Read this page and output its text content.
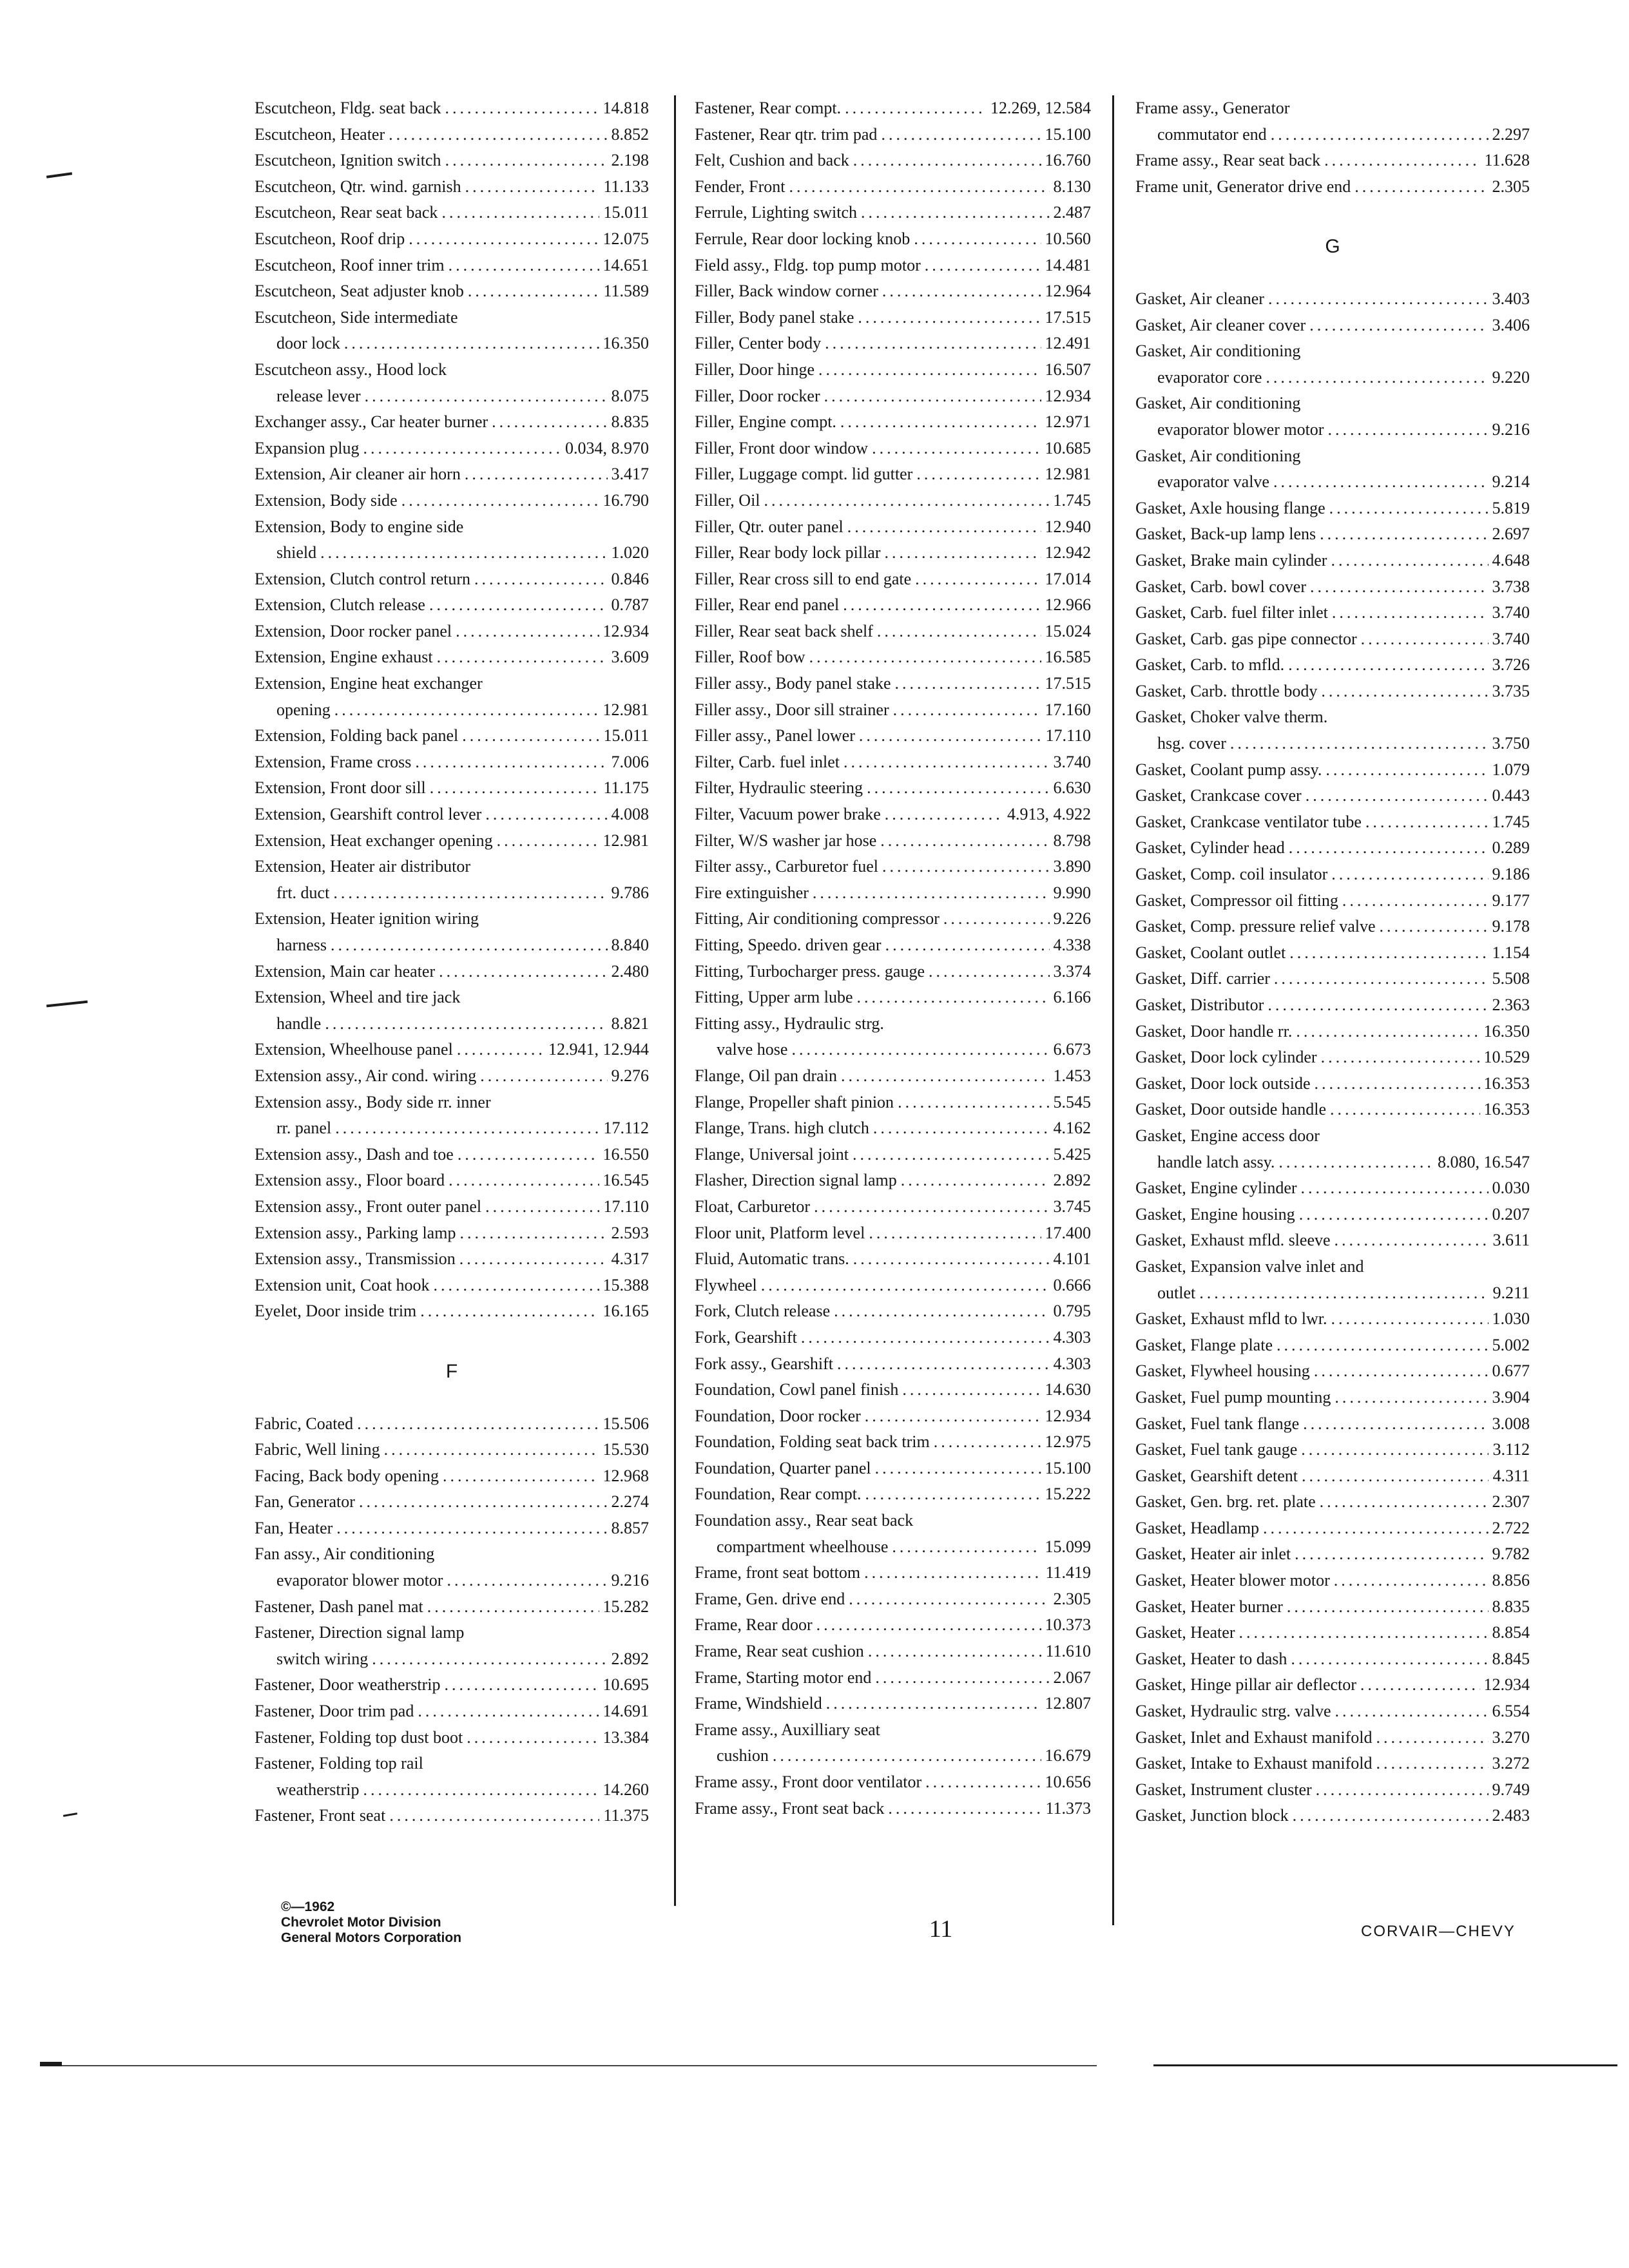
Escutcheon, Fldg. seat back .....	14.818
Escutcheon, Heater .....	8.852
Escutcheon, Ignition switch .....	2.198
Escutcheon, Qtr. wind. garnish .....	11.133
Escutcheon, Rear seat back .....	15.011
Escutcheon, Roof drip .....	12.075
Escutcheon, Roof inner trim .....	14.651
Escutcheon, Seat adjuster knob .....	11.589
Escutcheon, Side intermediate
door lock .....	16.350
Escutcheon assy., Hood lock
release lever .....	8.075
Exchanger assy., Car heater burner .....	8.835
Expansion plug .....	0.034, 8.970
Extension, Air cleaner air horn .....	3.417
Extension, Body side .....	16.790
Extension, Body to engine side
shield .....	1.020
Extension, Clutch control return .....	0.846
Extension, Clutch release .....	0.787
Extension, Door rocker panel .....	12.934
Extension, Engine exhaust .....	3.609
Extension, Engine heat exchanger
opening .....	12.981
Extension, Folding back panel .....	15.011
Extension, Frame cross .....	7.006
Extension, Front door sill .....	11.175
Extension, Gearshift control lever .....	4.008
Extension, Heat exchanger opening .....	12.981
Extension, Heater air distributor
frt. duct .....	9.786
Extension, Heater ignition wiring
harness .....	8.840
Extension, Main car heater .....	2.480
Extension, Wheel and tire jack
handle .....	8.821
Extension, Wheelhouse panel .....	12.941, 12.944
Extension assy., Air cond. wiring .....	9.276
Extension assy., Body side rr. inner
rr. panel .....	17.112
Extension assy., Dash and toe .....	16.550
Extension assy., Floor board .....	16.545
Extension assy., Front outer panel .....	17.110
Extension assy., Parking lamp .....	2.593
Extension assy., Transmission .....	4.317
Extension unit, Coat hook .....	15.388
Eyelet, Door inside trim .....	16.165
F
Fabric, Coated .....	15.506
Fabric, Well lining .....	15.530
Facing, Back body opening .....	12.968
Fan, Generator .....	2.274
Fan, Heater .....	8.857
Fan assy., Air conditioning
evaporator blower motor .....	9.216
Fastener, Dash panel mat .....	15.282
Fastener, Direction signal lamp
switch wiring .....	2.892
Fastener, Door weatherstrip .....	10.695
Fastener, Door trim pad .....	14.691
Fastener, Folding top dust boot .....	13.384
Fastener, Folding top rail
weatherstrip .....	14.260
Fastener, Front seat .....	11.375
Fastener, Rear compt. .....	12.269, 12.584
Fastener, Rear qtr. trim pad .....	15.100
Felt, Cushion and back .....	16.760
Fender, Front .....	8.130
Ferrule, Lighting switch .....	2.487
Ferrule, Rear door locking knob .....	10.560
Field assy., Fldg. top pump motor .....	14.481
Filler, Back window corner .....	12.964
Filler, Body panel stake .....	17.515
Filler, Center body .....	12.491
Filler, Door hinge .....	16.507
Filler, Door rocker .....	12.934
Filler, Engine compt. .....	12.971
Filler, Front door window .....	10.685
Filler, Luggage compt. lid gutter .....	12.981
Filler, Oil .....	1.745
Filler, Qtr. outer panel .....	12.940
Filler, Rear body lock pillar .....	12.942
Filler, Rear cross sill to end gate .....	17.014
Filler, Rear end panel .....	12.966
Filler, Rear seat back shelf .....	15.024
Filler, Roof bow .....	16.585
Filler assy., Body panel stake .....	17.515
Filler assy., Door sill strainer .....	17.160
Filler assy., Panel lower .....	17.110
Filter, Carb. fuel inlet .....	3.740
Filter, Hydraulic steering .....	6.630
Filter, Vacuum power brake .....	4.913, 4.922
Filter, W/S washer jar hose .....	8.798
Filter assy., Carburetor fuel .....	3.890
Fire extinguisher .....	9.990
Fitting, Air conditioning compressor .....	9.226
Fitting, Speedo. driven gear .....	4.338
Fitting, Turbocharger press. gauge .....	3.374
Fitting, Upper arm lube .....	6.166
Fitting assy., Hydraulic strg.
valve hose .....	6.673
Flange, Oil pan drain .....	1.453
Flange, Propeller shaft pinion .....	5.545
Flange, Trans. high clutch .....	4.162
Flange, Universal joint .....	5.425
Flasher, Direction signal lamp .....	2.892
Float, Carburetor .....	3.745
Floor unit, Platform level .....	17.400
Fluid, Automatic trans. .....	4.101
Flywheel .....	0.666
Fork, Clutch release .....	0.795
Fork, Gearshift .....	4.303
Fork assy., Gearshift .....	4.303
Foundation, Cowl panel finish .....	14.630
Foundation, Door rocker .....	12.934
Foundation, Folding seat back trim .....	12.975
Foundation, Quarter panel .....	15.100
Foundation, Rear compt. .....	15.222
Foundation assy., Rear seat back
compartment wheelhouse .....	15.099
Frame, front seat bottom .....	11.419
Frame, Gen. drive end .....	2.305
Frame, Rear door .....	10.373
Frame, Rear seat cushion .....	11.610
Frame, Starting motor end .....	2.067
Frame, Windshield .....	12.807
Frame assy., Auxilliary seat
cushion .....	16.679
Frame assy., Front door ventilator .....	10.656
Frame assy., Front seat back .....	11.373
Frame assy., Generator
commutator end .....	2.297
Frame assy., Rear seat back .....	11.628
Frame unit, Generator drive end .....	2.305
G
Gasket, Air cleaner .....	3.403
Gasket, Air cleaner cover .....	3.406
Gasket, Air conditioning
evaporator core .....	9.220
Gasket, Air conditioning
evaporator blower motor .....	9.216
Gasket, Air conditioning
evaporator valve .....	9.214
Gasket, Axle housing flange .....	5.819
Gasket, Back-up lamp lens .....	2.697
Gasket, Brake main cylinder .....	4.648
Gasket, Carb. bowl cover .....	3.738
Gasket, Carb. fuel filter inlet .....	3.740
Gasket, Carb. gas pipe connector .....	3.740
Gasket, Carb. to mfld. .....	3.726
Gasket, Carb. throttle body .....	3.735
Gasket, Choker valve therm.
hsg. cover .....	3.750
Gasket, Coolant pump assy. .....	1.079
Gasket, Crankcase cover .....	0.443
Gasket, Crankcase ventilator tube .....	1.745
Gasket, Cylinder head .....	0.289
Gasket, Comp. coil insulator .....	9.186
Gasket, Compressor oil fitting .....	9.177
Gasket, Comp. pressure relief valve .....	9.178
Gasket, Coolant outlet .....	1.154
Gasket, Diff. carrier .....	5.508
Gasket, Distributor .....	2.363
Gasket, Door handle rr. .....	16.350
Gasket, Door lock cylinder .....	10.529
Gasket, Door lock outside .....	16.353
Gasket, Door outside handle .....	16.353
Gasket, Engine access door
handle latch assy. .....	8.080, 16.547
Gasket, Engine cylinder .....	0.030
Gasket, Engine housing .....	0.207
Gasket, Exhaust mfld. sleeve .....	3.611
Gasket, Expansion valve inlet and
outlet .....	9.211
Gasket, Exhaust mfld to lwr. .....	1.030
Gasket, Flange plate .....	5.002
Gasket, Flywheel housing .....	0.677
Gasket, Fuel pump mounting .....	3.904
Gasket, Fuel tank flange .....	3.008
Gasket, Fuel tank gauge .....	3.112
Gasket, Gearshift detent .....	4.311
Gasket, Gen. brg. ret. plate .....	2.307
Gasket, Headlamp .....	2.722
Gasket, Heater air inlet .....	9.782
Gasket, Heater blower motor .....	8.856
Gasket, Heater burner .....	8.835
Gasket, Heater .....	8.854
Gasket, Heater to dash .....	8.845
Gasket, Hinge pillar air deflector .....	12.934
Gasket, Hydraulic strg. valve .....	6.554
Gasket, Inlet and Exhaust manifold .....	3.270
Gasket, Intake to Exhaust manifold .....	3.272
Gasket, Instrument cluster .....	9.749
Gasket, Junction block .....	2.483
©—1962
Chevrolet Motor Division
General Motors Corporation	11	CORVAIR—CHEVY
